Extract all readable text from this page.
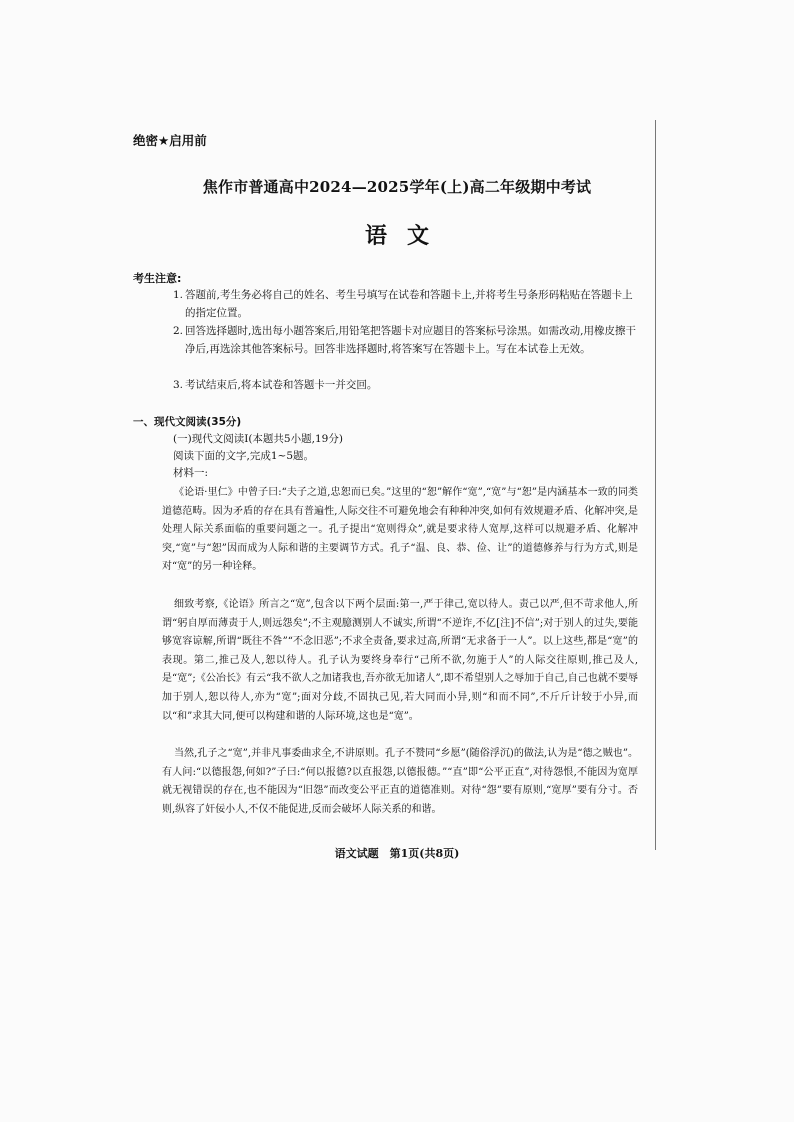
绝密★启用前
焦作市普通高中2024—2025学年(上)高二年级期中考试
语文
考生注意:
1. 答题前,考生务必将自己的姓名、考生号填写在试卷和答题卡上,并将考生号条形码粘贴在答题卡上的指定位置。
2. 回答选择题时,选出每小题答案后,用铅笔把答题卡对应题目的答案标号涂黑。如需改动,用橡皮擦干净后,再选涂其他答案标号。回答非选择题时,将答案写在答题卡上。写在本试卷上无效。
3. 考试结束后,将本试卷和答题卡一并交回。
一、现代文阅读(35分)
(一)现代文阅读Ⅰ(本题共5小题,19分)
阅读下面的文字,完成1~5题。
材料一:
《论语·里仁》中曾子曰:“夫子之道,忠恕而已矣。”这里的“恕”解作“宽”,“宽”与“恕”是内涵基本一致的同类道德范畴。因为矛盾的存在具有普遍性,人际交往不可避免地会有种种冲突,如何有效规避矛盾、化解冲突,是处理人际关系面临的重要问题之一。孔子提出“宽则得众”,就是要求待人宽厚,这样可以规避矛盾、化解冲突,“宽”与“恕”因而成为人际和谐的主要调节方式。孔子“温、良、恭、俭、让”的道德修养与行为方式,则是对“宽”的另一种诠释。
细致考察,《论语》所言之“宽”,包含以下两个层面:第一,严于律己,宽以待人。责己以严,但不苛求他人,所谓“躬自厚而薄责于人,则远怨矣”;不主观臆测别人不诚实,所谓“不逆诈,不亿[注]不信”;对于别人的过失,要能够宽容谅解,所谓“既往不咎”“不念旧恶”;不求全责备,要求过高,所谓“无求备于一人”。以上这些,都是“宽”的表现。第二,推己及人,恕以待人。孔子认为要终身奉行“己所不欲,勿施于人”的人际交往原则,推己及人,是“宽”;《公冶长》有云“我不欲人之加诸我也,吾亦欲无加诸人”,即不希望别人之辱加于自己,自己也就不要辱加于别人,恕以待人,亦为“宽”;面对分歧,不固执己见,若大同而小异,则“和而不同”,不斤斤计较于小异,而以“和”求其大同,便可以构建和谐的人际环境,这也是“宽”。
当然,孔子之“宽”,并非凡事委曲求全,不讲原则。孔子不赞同“乡愿”(随俗浮沉)的做法,认为是“德之贼也”。有人问:“以德报怨,何如?”子曰:“何以报德?以直报怨,以德报德。”“直”即“公平正直”,对待怨恨,不能因为宽厚就无视错误的存在,也不能因为“旧怨”而改变公平正直的道德准则。对待“怨”要有原则,“宽厚”要有分寸。否则,纵容了奸佞小人,不仅不能促进,反而会破坏人际关系的和谐。
语文试题　第1页(共8页)
